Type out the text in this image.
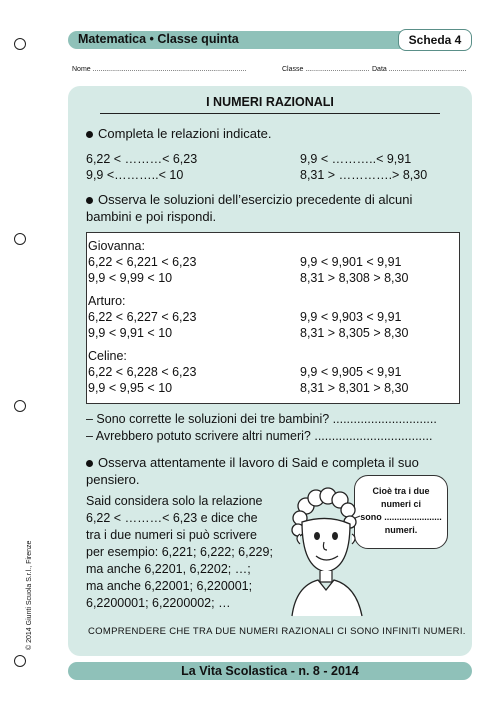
Matematica • Classe quinta	Scheda 4
Nome ...............................................................................	Classe ................................. Data ........................................
I NUMERI RAZIONALI
Completa le relazioni indicate.
6,22 < ………< 6,23	9,9 < ………..< 9,91
9,9 <………..< 10	8,31 > ………….> 8,30
Osserva le soluzioni dell’esercizio precedente di alcuni
bambini e poi rispondi.
Giovanna:
6,22 < 6,221 < 6,23	9,9 < 9,901 < 9,91
9,9 < 9,99 < 10	8,31 > 8,308 > 8,30
Arturo:
6,22 < 6,227 < 6,23	9,9 < 9,903 < 9,91
9,9 < 9,91 < 10	8,31 > 8,305 > 8,30
Celine:
6,22 < 6,228 < 6,23	9,9 < 9,905 < 9,91
9,9 < 9,95 < 10	8,31 > 8,301 > 8,30
– Sono corrette le soluzioni dei tre bambini? ..............................
– Avrebbero potuto scrivere altri numeri? ..................................
Osserva attentamente il lavoro di Said e completa il suo
pensiero.
Said considera solo la relazione
6,22 < ………< 6,23 e dice che
tra i due numeri si può scrivere
per esempio: 6,221; 6,222; 6,229;
ma anche 6,2201, 6,2202; …;
ma anche 6,22001; 6,220001;
6,2200001; 6,2200002; …
Cioè tra i due
numeri ci
sono .......................
numeri.
COMPRENDERE CHE TRA DUE NUMERI RAZIONALI CI SONO INFINITI NUMERI.
© 2014 Giunti Scuola S.r.l., Firenze
La Vita Scolastica - n. 8 - 2014
